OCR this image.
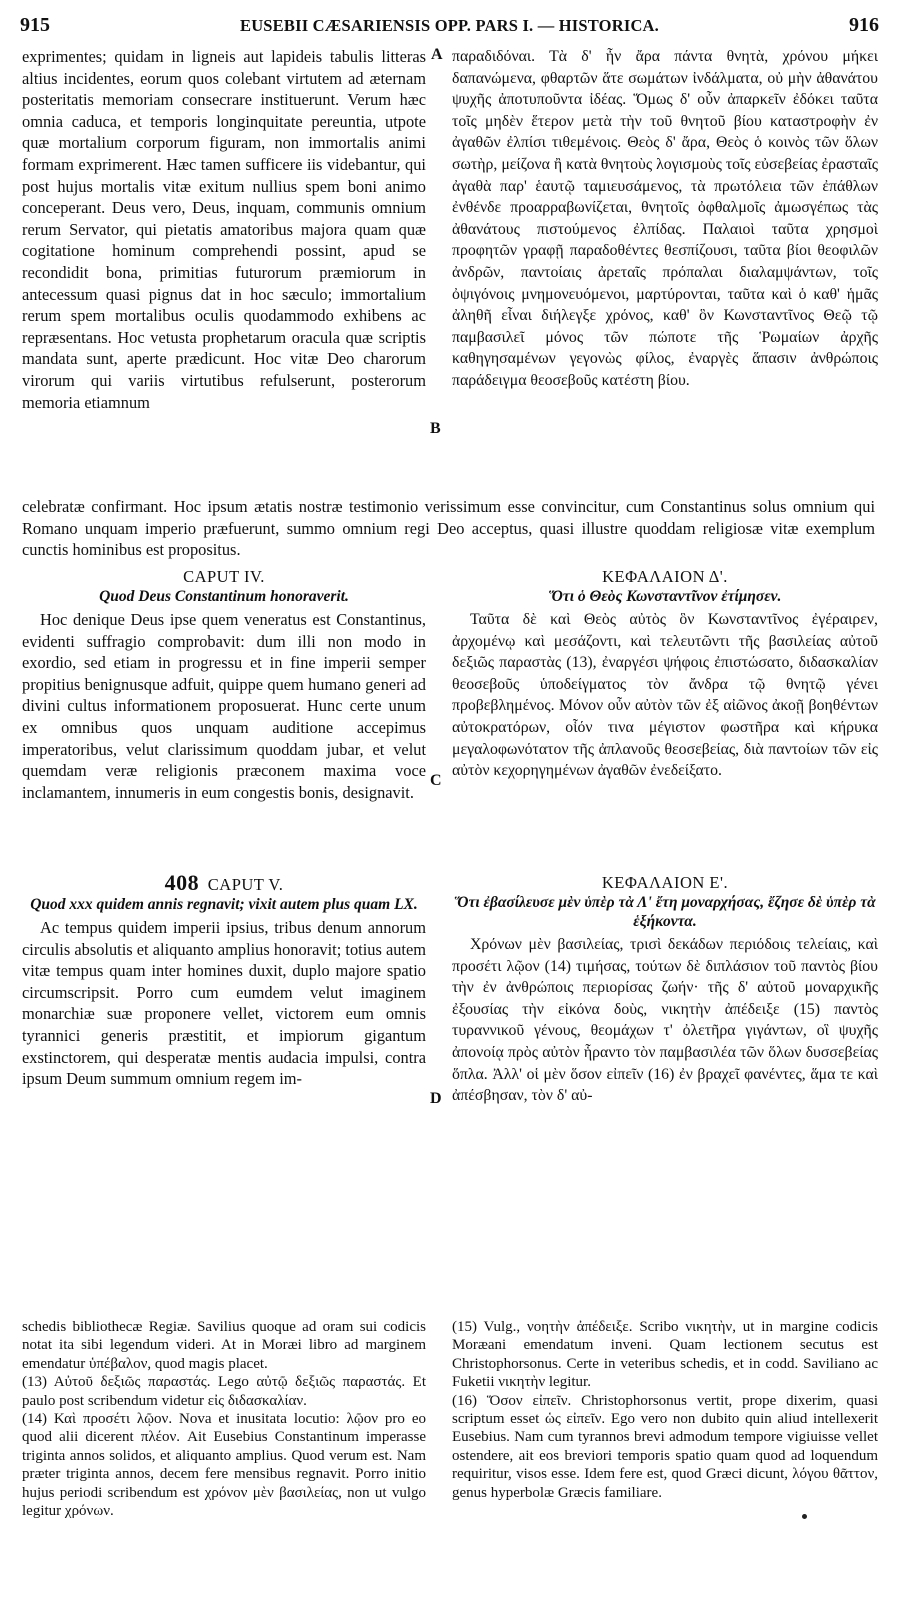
915	EUSEBII CÆSARIENSIS OPP. PARS I. — HISTORICA.	916
A
B
C
D

exprimentes; quidam in ligneis aut lapideis tabulis litteras altius incidentes, eorum quos colebant virtutem ad æternam posteritatis memoriam consecrare instituerunt. Verum hæc omnia caduca, et temporis longinquitate pereuntia, utpote quæ mortalium corporum figuram, non immortalis animi formam exprimerent. Hæc tamen sufficere iis videbantur, qui post hujus mortalis vitæ exitum nullius spem boni animo conceperant. Deus vero, Deus, inquam, communis omnium rerum Servator, qui pietatis amatoribus majora quam quæ cogitatione hominum comprehendi possint, apud se recondidit bona, primitias futurorum præmiorum in antecessum quasi pignus dat in hoc sæculo; immortalium rerum spem mortalibus oculis quodammodo exhibens ac repræsentans. Hoc vetusta prophetarum oracula quæ scriptis mandata sunt, aperte prædicunt. Hoc vitæ Deo charorum virorum qui variis virtutibus refulserunt, posterorum memoria etiamnum

παραδιδόναι. Τὰ δ' ἦν ἄρα πάντα θνητὰ, χρόνου μήκει δαπανώμενα, φθαρτῶν ἅτε σωμάτων ἰνδάλματα, οὐ μὴν ἀθανάτου ψυχῆς ἀποτυποῦντα ἰδέας. Ὅμως δ' οὖν ἀπαρκεῖν ἐδόκει ταῦτα τοῖς μηδὲν ἕτερον μετὰ τὴν τοῦ θνητοῦ βίου καταστροφὴν ἐν ἀγαθῶν ἐλπίσι τιθεμένοις. Θεὸς δ' ἄρα, Θεὸς ὁ κοινὸς τῶν ὅλων σωτὴρ, μείζονα ἢ κατὰ θνητοὺς λογισμοὺς τοῖς εὐσεβείας ἐρασταῖς ἀγαθὰ παρ' ἑαυτῷ ταμιευσάμενος, τὰ πρωτόλεια τῶν ἐπάθλων ἐνθένδε προαρραβωνίζεται, θνητοῖς ὀφθαλμοῖς ἀμωσγέπως τὰς ἀθανάτους πιστούμενος ἐλπίδας. Παλαιοὶ ταῦτα χρησμοὶ προφητῶν γραφῇ παραδοθέντες θεσπίζουσι, ταῦτα βίοι θεοφιλῶν ἀνδρῶν, παντοίαις ἀρεταῖς πρόπαλαι διαλαμψάντων, τοῖς ὀψιγόνοις μνημονευόμενοι, μαρτύρονται, ταῦτα καὶ ὁ καθ' ἡμᾶς ἀληθῆ εἶναι διήλεγξε χρόνος, καθ' ὃν Κωνσταντῖνος Θεῷ τῷ παμβασιλεῖ μόνος τῶν πώποτε τῆς Ῥωμαίων ἀρχῆς καθηγησαμένων γεγονὼς φίλος, ἐναργὲς ἅπασιν ἀνθρώποις παράδειγμα θεοσεβοῦς κατέστη βίου.

celebratæ confirmant. Hoc ipsum ætatis nostræ testimonio verissimum esse convincitur, cum Constantinus solus omnium qui Romano unquam imperio præfuerunt, summo omnium regi Deo acceptus, quasi illustre quoddam religiosæ vitæ exemplum cunctis hominibus est propositus.
CAPUT IV.
Quod Deus Constantinum honoraverit.

Hoc denique Deus ipse quem veneratus est Constantinus, evidenti suffragio comprobavit: dum illi non modo in exordio, sed etiam in progressu et in fine imperii semper propitius benignusque adfuit, quippe quem humano generi ad divini cultus informationem proposuerat. Hunc certe unum ex omnibus quos unquam auditione accepimus imperatoribus, velut clarissimum quoddam jubar, et velut quemdam veræ religionis præconem maxima voce inclamantem, innumeris in eum congestis bonis, designavit.

ΚΕΦΑΛΑΙΟΝ Δ'.
Ὅτι ὁ Θεὸς Κωνσταντῖνον ἐτίμησεν.

Ταῦτα δὲ καὶ Θεὸς αὐτὸς ὃν Κωνσταντῖνος ἐγέραιρεν, ἀρχομένῳ καὶ μεσάζοντι, καὶ τελευτῶντι τῆς βασιλείας αὐτοῦ δεξιῶς παραστὰς (13), ἐναργέσι ψήφοις ἐπιστώσατο, διδασκαλίαν θεοσεβοῦς ὑποδείγματος τὸν ἄνδρα τῷ θνητῷ γένει προβεβλημένος. Μόνον οὖν αὐτὸν τῶν ἐξ αἰῶνος ἀκοῇ βοηθέντων αὐτοκρατόρων, οἷόν τινα μέγιστον φωστῆρα καὶ κήρυκα μεγαλοφωνότατον τῆς ἀπλανοῦς θεοσεβείας, διὰ παντοίων τῶν εἰς αὐτὸν κεχορηγημένων ἀγαθῶν ἐνεδείξατο.

408 CAPUT V.
Quod xxx quidem annis regnavit; vixit autem plus quam LX.

Ac tempus quidem imperii ipsius, tribus denum annorum circulis absolutis et aliquanto amplius honoravit; totius autem vitæ tempus quam inter homines duxit, duplo majore spatio circumscripsit. Porro cum eumdem velut imaginem monarchiæ suæ proponere vellet, victorem eum omnis tyrannici generis præstitit, et impiorum gigantum exstinctorem, qui desperatæ mentis audacia impulsi, contra ipsum Deum summum omnium regem im-

ΚΕΦΑΛΑΙΟΝ Ε'.
Ὅτι ἐβασίλευσε μὲν ὑπὲρ τὰ Λ' ἔτη μοναρχήσας, ἔζησε δὲ ὑπὲρ τὰ ἑξήκοντα.

Χρόνων μὲν βασιλείας, τρισὶ δεκάδων περιόδοις τελείαις, καὶ προσέτι λῷον (14) τιμήσας, τούτων δὲ διπλάσιον τοῦ παντὸς βίου τὴν ἐν ἀνθρώποις περιορίσας ζωήν· τῆς δ' αὐτοῦ μοναρχικῆς ἐξουσίας τὴν εἰκόνα δοὺς, νικητὴν ἀπέδειξε (15) παντὸς τυραννικοῦ γένους, θεομάχων τ' ὀλετῆρα γιγάντων, οἳ ψυχῆς ἀπονοίᾳ πρὸς αὐτὸν ἧραντο τὸν παμβασιλέα τῶν ὅλων δυσσεβείας ὅπλα. Ἀλλ' οἱ μὲν ὅσον εἰπεῖν (16) ἐν βραχεῖ φανέντες, ἅμα τε καὶ ἀπέσβησαν, τὸν δ' αὐ-

schedis bibliothecæ Regiæ. Savilius quoque ad oram sui codicis notat ita sibi legendum videri. At in Moræi libro ad marginem emendatur ὑπέβαλον, quod magis placet.

(13) Αὐτοῦ δεξιῶς παραστάς. Lego αὐτῷ δεξιῶς παραστάς. Et paulo post scribendum videtur εἰς διδασκαλίαν.

(14) Καὶ προσέτι λῷον. Nova et inusitata locutio: λῷον pro eo quod alii dicerent πλέον. Ait Eusebius Constantinum imperasse triginta annos solidos, et aliquanto amplius. Quod verum est. Nam præter triginta annos, decem fere mensibus regnavit. Porro initio hujus periodi scribendum est χρόνον μὲν βασιλείας, non ut vulgo legitur χρόνων.

(15) Vulg., νοητὴν ἀπέδειξε. Scribo νικητὴν, ut in margine codicis Moræani emendatum inveni. Quam lectionem secutus est Christophorsonus. Certe in veteribus schedis, et in codd. Saviliano ac Fuketii νικητὴν legitur.

(16) Ὅσον εἰπεῖν. Christophorsonus vertit, prope dixerim, quasi scriptum esset ὡς εἰπεῖν. Ego vero non dubito quin aliud intellexerit Eusebius. Nam cum tyrannos brevi admodum tempore vigiuisse vellet ostendere, ait eos breviori temporis spatio quam quod ad loquendum requiritur, visos esse. Idem fere est, quod Græci dicunt, λόγου θᾶττον, genus hyperbolæ Græcis familiare.
